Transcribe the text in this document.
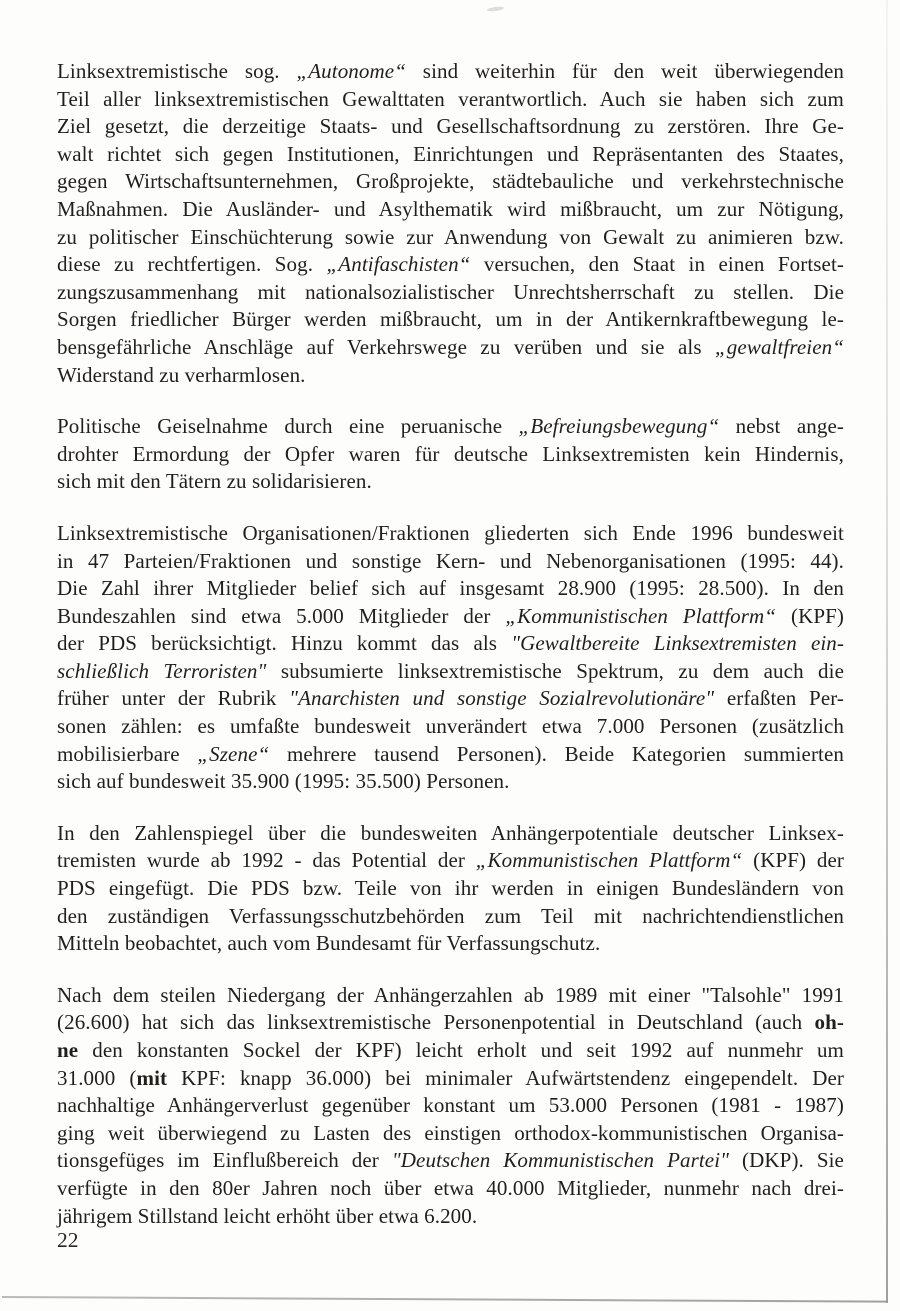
Linksextremistische sog. „Autonome“ sind weiterhin für den weit überwiegenden
Teil aller linksextremistischen Gewalttaten verantwortlich. Auch sie haben sich zum
Ziel gesetzt, die derzeitige Staats- und Gesellschaftsordnung zu zerstören. Ihre Ge-
walt richtet sich gegen Institutionen, Einrichtungen und Repräsentanten des Staates,
gegen Wirtschaftsunternehmen, Großprojekte, städtebauliche und verkehrstechnische
Maßnahmen. Die Ausländer- und Asylthematik wird mißbraucht, um zur Nötigung,
zu politischer Einschüchterung sowie zur Anwendung von Gewalt zu animieren bzw.
diese zu rechtfertigen. Sog. „Antifaschisten“ versuchen, den Staat in einen Fortset-
zungszusammenhang mit nationalsozialistischer Unrechtsherrschaft zu stellen. Die
Sorgen friedlicher Bürger werden mißbraucht, um in der Antikernkraftbewegung le-
bensgefährliche Anschläge auf Verkehrswege zu verüben und sie als „gewaltfreien“
Widerstand zu verharmlosen.
Politische Geiselnahme durch eine peruanische „Befreiungsbewegung“ nebst ange-
drohter Ermordung der Opfer waren für deutsche Linksextremisten kein Hindernis,
sich mit den Tätern zu solidarisieren.
Linksextremistische Organisationen/Fraktionen gliederten sich Ende 1996 bundesweit
in 47 Parteien/Fraktionen und sonstige Kern- und Nebenorganisationen (1995: 44).
Die Zahl ihrer Mitglieder belief sich auf insgesamt 28.900 (1995: 28.500). In den
Bundeszahlen sind etwa 5.000 Mitglieder der „Kommunistischen Plattform“ (KPF)
der PDS berücksichtigt. Hinzu kommt das als "Gewaltbereite Linksextremisten ein-
schließlich Terroristen" subsumierte linksextremistische Spektrum, zu dem auch die
früher unter der Rubrik "Anarchisten und sonstige Sozialrevolutionäre" erfaßten Per-
sonen zählen: es umfaßte bundesweit unverändert etwa 7.000 Personen (zusätzlich
mobilisierbare „Szene“ mehrere tausend Personen). Beide Kategorien summierten
sich auf bundesweit 35.900 (1995: 35.500) Personen.
In den Zahlenspiegel über die bundesweiten Anhängerpotentiale deutscher Linksex-
tremisten wurde ab 1992 - das Potential der „Kommunistischen Plattform“ (KPF) der
PDS eingefügt. Die PDS bzw. Teile von ihr werden in einigen Bundesländern von
den zuständigen Verfassungsschutzbehörden zum Teil mit nachrichtendienstlichen
Mitteln beobachtet, auch vom Bundesamt für Verfassungschutz.
Nach dem steilen Niedergang der Anhängerzahlen ab 1989 mit einer "Talsohle" 1991
(26.600) hat sich das linksextremistische Personenpotential in Deutschland (auch oh-
ne den konstanten Sockel der KPF) leicht erholt und seit 1992 auf nunmehr um
31.000 (mit KPF: knapp 36.000) bei minimaler Aufwärtstendenz eingependelt. Der
nachhaltige Anhängerverlust gegenüber konstant um 53.000 Personen (1981 - 1987)
ging weit überwiegend zu Lasten des einstigen orthodox-kommunistischen Organisa-
tionsgefüges im Einflußbereich der "Deutschen Kommunistischen Partei" (DKP). Sie
verfügte in den 80er Jahren noch über etwa 40.000 Mitglieder, nunmehr nach drei-
jährigem Stillstand leicht erhöht über etwa 6.200.
22
